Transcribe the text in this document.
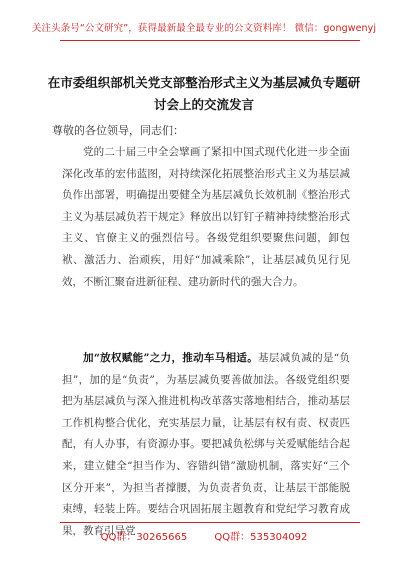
关注头条号“公文研究”，获得最新最全最专业的公文资料库！ 微信：gongwenyj
在市委组织部机关党支部整治形式主义为基层减负专题研
讨会上的交流发言
尊敬的各位领导，同志们：
党的二十届三中全会擘画了紧扣中国式现代化进一步全面深化改革的宏伟蓝图，对持续深化拓展整治形式主义为基层减负作出部署，明确提出要健全为基层减负长效机制《整治形式主义为基层减负若干规定》释放出以钉钉子精神持续整治形式主义、官僚主义的强烈信号。各级党组织要聚焦问题，卸包袱、激活力、治顽疾，用好“加减乘除”，让基层减负见行见效，不断汇聚奋进新征程、建功新时代的强大合力。
加“放权赋能”之力，推动车马相适。基层减负减的是“负担”，加的是“负责”，为基层减负要善做加法。各级党组织要把为基层减负与深入推进机构改革落实落地相结合，推动基层工作机构整合优化，充实基层力量，让基层有权有责、权责匹配，有人办事，有资源办事。要把减负松绑与关爱赋能结合起来，建立健全“担当作为、容错纠错”激励机制，落实好“三个区分开来”，为担当者撑腰，为负责者负责，让基层干部能脱束缚，轻装上阵。要结合巩固拓展主题教育和党纪学习教育成果，教育引导党
QQ群：30265665	QQ群：535304092
